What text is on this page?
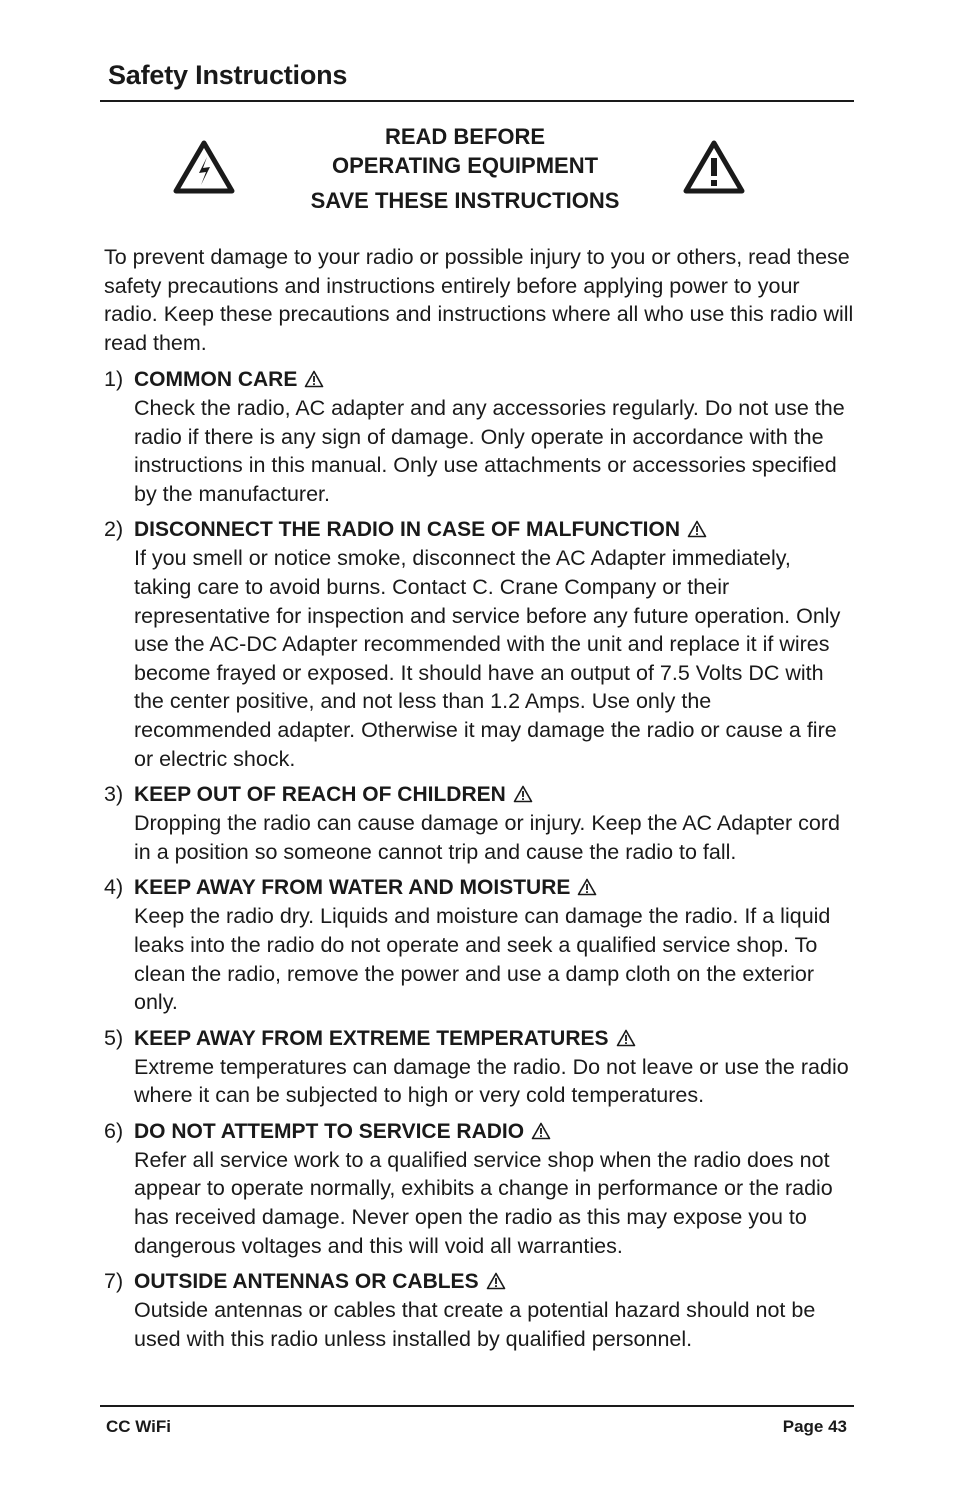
Safety Instructions
READ BEFORE
OPERATING EQUIPMENT
SAVE THESE INSTRUCTIONS

To prevent damage to your radio or possible injury to you or others, read these safety precautions and instructions entirely before applying power to your radio. Keep these precautions and instructions where all who use this radio will read them.

1) COMMON CARE
Check the radio, AC adapter and any accessories regularly. Do not use the radio if there is any sign of damage. Only operate in accordance with the instructions in this manual. Only use attachments or accessories specified by the manufacturer.
2) DISCONNECT THE RADIO IN CASE OF MALFUNCTION
If you smell or notice smoke, disconnect the AC Adapter immediately, taking care to avoid burns. Contact C. Crane Company or their representative for inspection and service before any future operation. Only use the AC-DC Adapter recommended with the unit and replace it if wires become frayed or exposed. It should have an output of 7.5 Volts DC with the center positive, and not less than 1.2 Amps. Use only the recommended adapter. Otherwise it may damage the radio or cause a fire or electric shock.
3) KEEP OUT OF REACH OF CHILDREN
Dropping the radio can cause damage or injury. Keep the AC Adapter cord in a position so someone cannot trip and cause the radio to fall.
4) KEEP AWAY FROM WATER AND MOISTURE
Keep the radio dry. Liquids and moisture can damage the radio. If a liquid leaks into the radio do not operate and seek a qualified service shop. To clean the radio, remove the power and use a damp cloth on the exterior only.
5) KEEP AWAY FROM EXTREME TEMPERATURES
Extreme temperatures can damage the radio. Do not leave or use the radio where it can be subjected to high or very cold temperatures.
6) DO NOT ATTEMPT TO SERVICE RADIO
Refer all service work to a qualified service shop when the radio does not appear to operate normally, exhibits a change in performance or the radio has received damage. Never open the radio as this may expose you to dangerous voltages and this will void all warranties.
7) OUTSIDE ANTENNAS OR CABLES
Outside antennas or cables that create a potential hazard should not be used with this radio unless installed by qualified personnel.
CC WiFi	Page 43
